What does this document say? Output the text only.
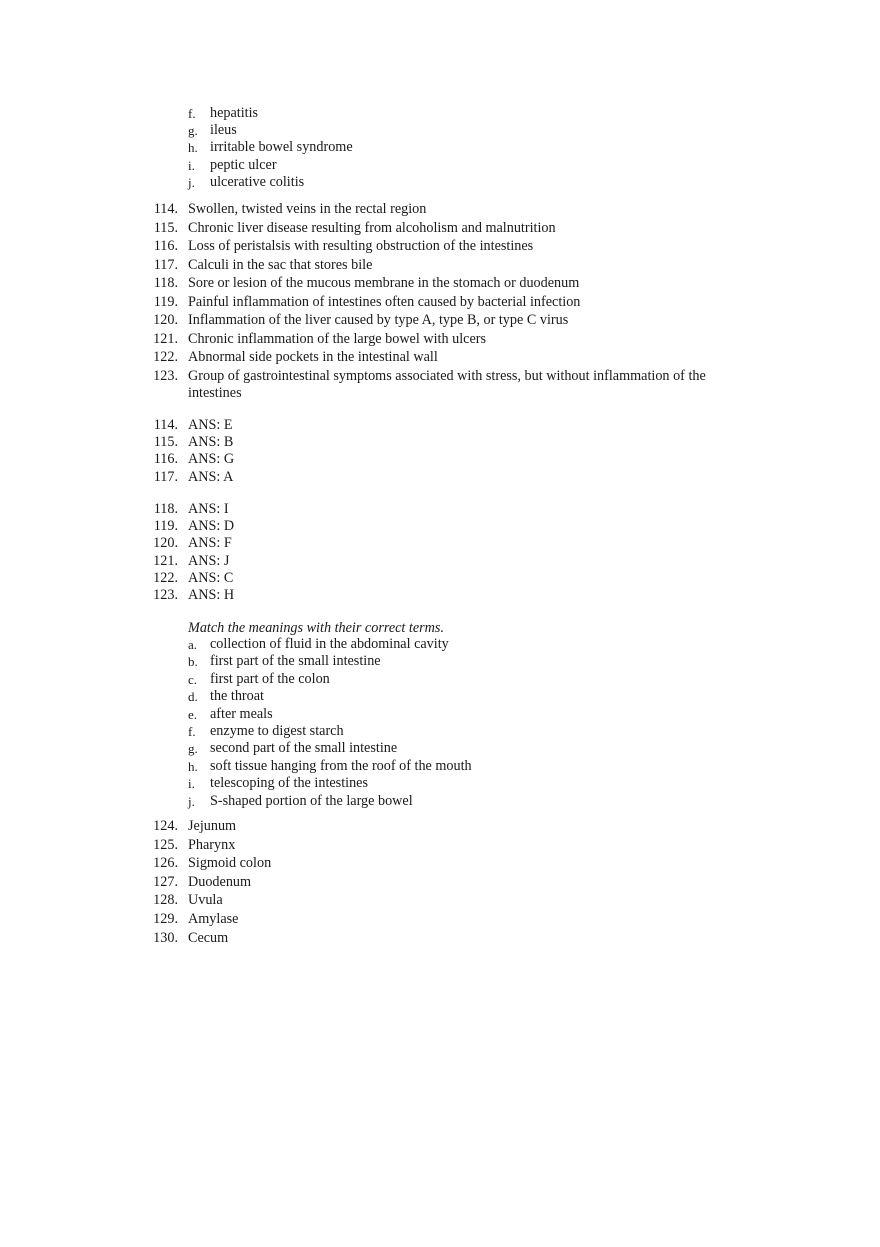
f.	hepatitis
g. ileus
h. irritable bowel syndrome
i.	peptic ulcer
j.	ulcerative colitis
114. Swollen, twisted veins in the rectal region
115. Chronic liver disease resulting from alcoholism and malnutrition
116. Loss of peristalsis with resulting obstruction of the intestines
117. Calculi in the sac that stores bile
118. Sore or lesion of the mucous membrane in the stomach or duodenum
119. Painful inflammation of intestines often caused by bacterial infection
120. Inflammation of the liver caused by type A, type B, or type C virus
121. Chronic inflammation of the large bowel with ulcers
122. Abnormal side pockets in the intestinal wall
123. Group of gastrointestinal symptoms associated with stress, but without inflammation of the intestines
114. ANS: E
115. ANS: B
116. ANS: G
117. ANS: A
118. ANS: I
119. ANS: D
120. ANS: F
121. ANS: J
122. ANS: C
123. ANS: H
Match the meanings with their correct terms.
a. collection of fluid in the abdominal cavity
b. first part of the small intestine
c. first part of the colon
d. the throat
e. after meals
f.	enzyme to digest starch
g. second part of the small intestine
h. soft tissue hanging from the roof of the mouth
i.	telescoping of the intestines
j.	S-shaped portion of the large bowel
124. Jejunum
125. Pharynx
126. Sigmoid colon
127. Duodenum
128. Uvula
129. Amylase
130. Cecum
